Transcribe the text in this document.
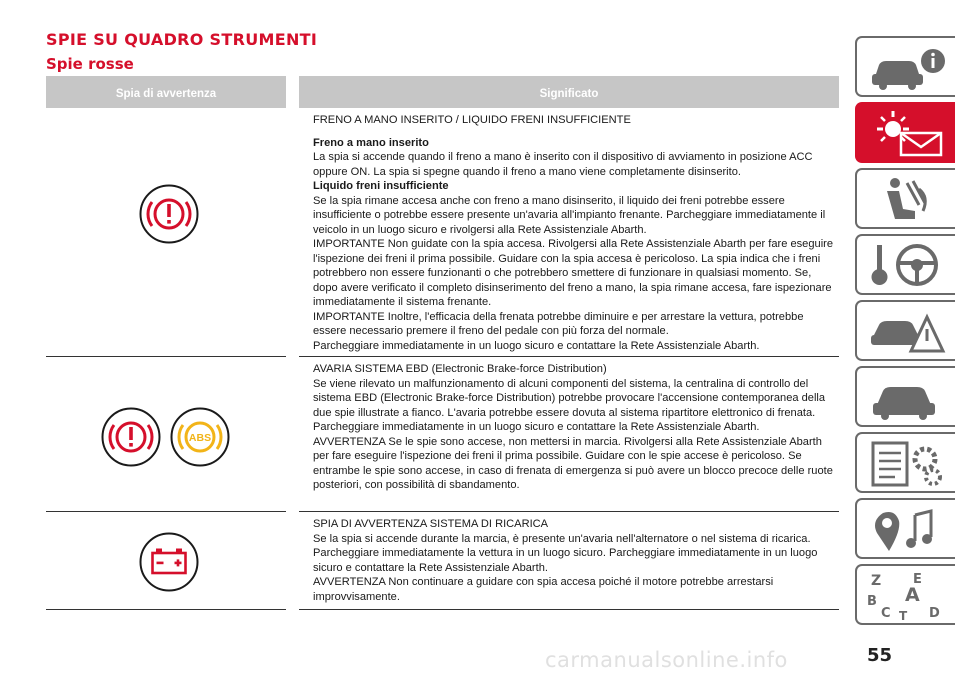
SPIE SU QUADRO STRUMENTI
Spie rosse
Spia di avvertenza	Significato

FRENO A MANO INSERITO / LIQUIDO FRENI INSUFFICIENTE

Freno a mano inserito

La spia si accende quando il freno a mano è inserito con il dispositivo di avviamento in posizione ACC oppure ON. La spia si spegne quando il freno a mano viene completamente disinserito.

Liquido freni insufficiente

Se la spia rimane accesa anche con freno a mano disinserito, il liquido dei freni potrebbe essere insufficiente o potrebbe essere presente un'avaria all'impianto frenante. Parcheggiare immediatamente il veicolo in un luogo sicuro e rivolgersi alla Rete Assistenziale Abarth.

IMPORTANTE Non guidate con la spia accesa. Rivolgersi alla Rete Assistenziale Abarth per fare eseguire l'ispezione dei freni il prima possibile. Guidare con la spia accesa è pericoloso. La spia indica che i freni potrebbero non essere funzionanti o che potrebbero smettere di funzionare in qualsiasi momento. Se, dopo avere verificato il completo disinserimento del freno a mano, la spia rimane accesa, fare ispezionare immediatamente il sistema frenante.

IMPORTANTE Inoltre, l'efficacia della frenata potrebbe diminuire e per arrestare la vettura, potrebbe essere necessario premere il freno del pedale con più forza del normale.

Parcheggiare immediatamente in un luogo sicuro e contattare la Rete Assistenziale Abarth.

ABS

AVARIA SISTEMA EBD (Electronic Brake-force Distribution)

Se viene rilevato un malfunzionamento di alcuni componenti del sistema, la centralina di controllo del sistema EBD (Electronic Brake-force Distribution) potrebbe provocare l'accensione contemporanea della due spie illustrate a fianco. L'avaria potrebbe essere dovuta al sistema ripartitore elettronico di frenata. Parcheggiare immediatamente in un luogo sicuro e contattare la Rete Assistenziale Abarth.

AVVERTENZA Se le spie sono accese, non mettersi in marcia. Rivolgersi alla Rete Assistenziale Abarth per fare eseguire l'ispezione dei freni il prima possibile. Guidare con le spie accese è pericoloso. Se entrambe le spie sono accese, in caso di frenata di emergenza si può avere un blocco precoce delle ruote posteriori, con possibilità di sbandamento.

SPIA DI AVVERTENZA SISTEMA DI RICARICA

Se la spia si accende durante la marcia, è presente un'avaria nell'alternatore o nel sistema di ricarica. Parcheggiare immediatamente la vettura in un luogo sicuro. Parcheggiare immediatamente in un luogo sicuro e contattare la Rete Assistenziale Abarth.

AVVERTENZA Non continuare a guidare con spia accesa poiché il motore potrebbe arrestarsi improvvisamente.

Z E
B A
C	D
T
carmanualsonline.info	55
